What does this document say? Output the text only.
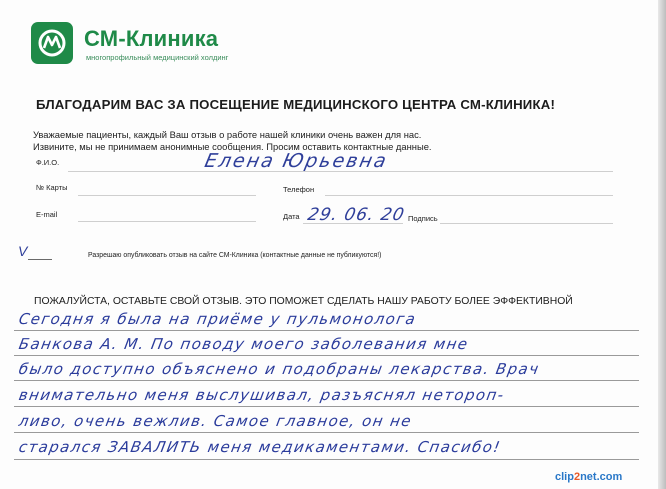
СМ-Клиника
многопрофильный медицинский холдинг
БЛАГОДАРИМ ВАС ЗА ПОСЕЩЕНИЕ МЕДИЦИНСКОГО ЦЕНТРА СМ-КЛИНИКА!
Уважаемые пациенты, каждый Ваш отзыв о работе нашей клиники очень важен для нас.
Извините, мы не принимаем анонимные сообщения. Просим оставить контактные данные.
Ф.И.О.	Елена Юрьевна
№ Карты	Телефон
E-mail	Дата 29. 06. 20 Подпись
V	Разрешаю опубликовать отзыв на сайте СМ-Клиника (контактные данные не публикуются!)
ПОЖАЛУЙСТА, ОСТАВЬТЕ СВОЙ ОТЗЫВ. ЭТО ПОМОЖЕТ СДЕЛАТЬ НАШУ РАБОТУ БОЛЕЕ ЭФФЕКТИВНОЙ
Сегодня я была на приёме у пульмонолога
Банкова А. М. По поводу моего заболевания мне
было доступно объяснено и подобраны лекарства. Врач
внимательно меня выслушивал, разъяснял нетороп-
ливо, очень вежлив. Самое главное, он не
старался ЗАВАЛИТЬ меня медикаментами. Спасибо!
clip2net.com
